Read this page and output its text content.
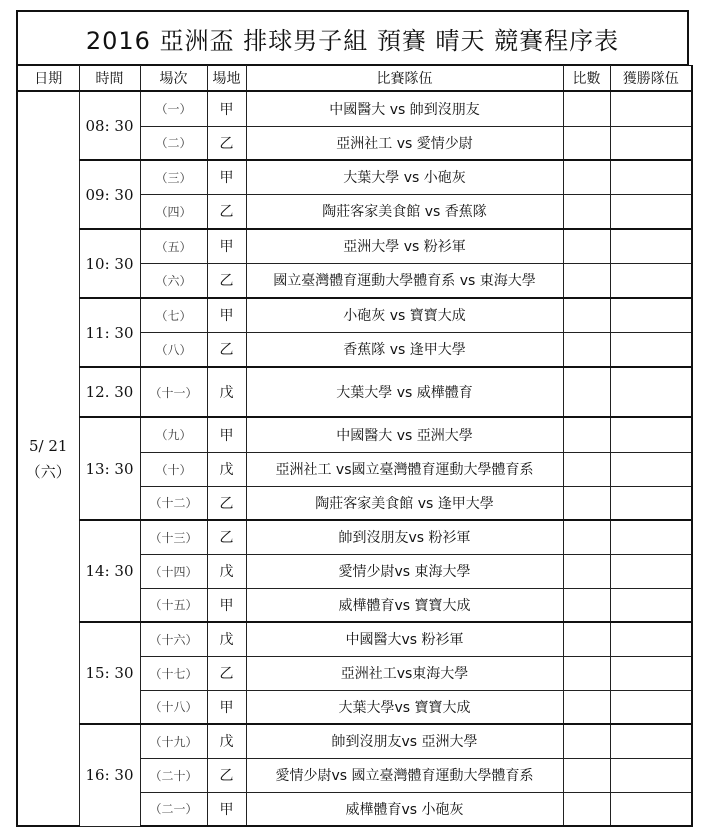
2016 亞洲盃 排球男子組 預賽 晴天 競賽程序表
日期	時間	場次	場地	比賽隊伍	比數	獲勝隊伍

5/ 21
（六）	08: 30	（一）	甲	中國醫大 vs 帥到沒朋友		
		（二）	乙	亞洲社工 vs 愛情少尉		
	09: 30	（三）	甲	大葉大學 vs 小砲灰		
		（四）	乙	陶莊客家美食館 vs 香蕉隊		
	10: 30	（五）	甲	亞洲大學 vs 粉衫軍		
		（六）	乙	國立臺灣體育運動大學體育系 vs 東海大學		
	11: 30	（七）	甲	小砲灰 vs 寶寶大成		
		（八）	乙	香蕉隊 vs 逢甲大學		
	12. 30	（十一）	戊	大葉大學 vs 威樺體育		
	13: 30	（九）	甲	中國醫大 vs 亞洲大學		
		（十）	戊	亞洲社工 vs國立臺灣體育運動大學體育系		
		（十二）	乙	陶莊客家美食館 vs 逢甲大學		
	14: 30	（十三）	乙	帥到沒朋友vs 粉衫軍		
		（十四）	戊	愛情少尉vs 東海大學		
		（十五）	甲	威樺體育vs 寶寶大成		
	15: 30	（十六）	戊	中國醫大vs 粉衫軍		
		（十七）	乙	亞洲社工vs東海大學		
		（十八）	甲	大葉大學vs 寶寶大成		
	16: 30	（十九）	戊	帥到沒朋友vs 亞洲大學		
		（二十）	乙	愛情少尉vs 國立臺灣體育運動大學體育系		
		（二一）	甲	威樺體育vs 小砲灰		
